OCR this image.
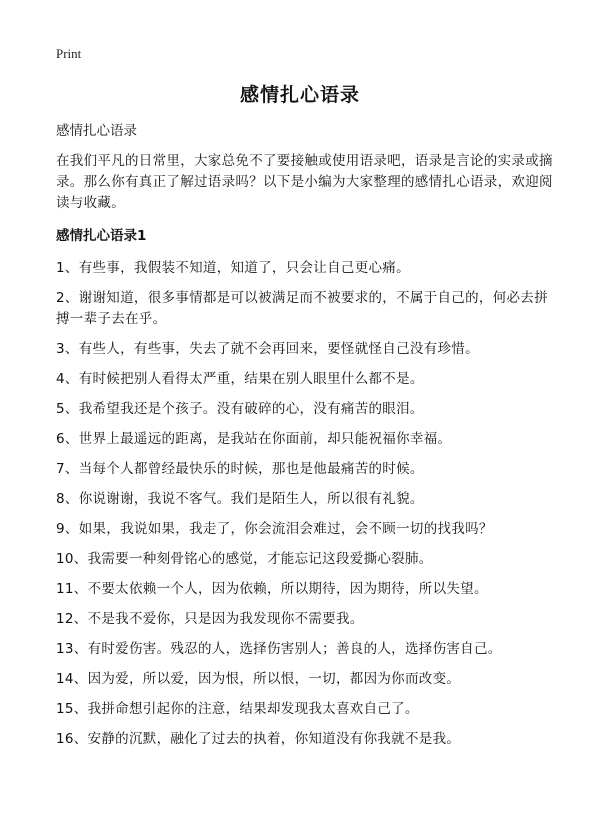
Print
感情扎心语录

感情扎心语录

在我们平凡的日常里，大家总免不了要接触或使用语录吧，语录是言论的实录或摘录。那么你有真正了解过语录吗？以下是小编为大家整理的感情扎心语录，欢迎阅读与收藏。

感情扎心语录1

1、有些事，我假装不知道，知道了，只会让自己更心痛。

2、谢谢知道，很多事情都是可以被满足而不被要求的，不属于自己的，何必去拼搏一辈子去在乎。

3、有些人，有些事，失去了就不会再回来，要怪就怪自己没有珍惜。

4、有时候把别人看得太严重，结果在别人眼里什么都不是。

5、我希望我还是个孩子。没有破碎的心，没有痛苦的眼泪。

6、世界上最遥远的距离，是我站在你面前，却只能祝福你幸福。

7、当每个人都曾经最快乐的时候，那也是他最痛苦的时候。

8、你说谢谢，我说不客气。我们是陌生人，所以很有礼貌。

9、如果，我说如果，我走了，你会流泪会难过，会不顾一切的找我吗？

10、我需要一种刻骨铭心的感觉，才能忘记这段爱撕心裂肺。

11、不要太依赖一个人，因为依赖，所以期待，因为期待，所以失望。

12、不是我不爱你，只是因为我发现你不需要我。

13、有时爱伤害。残忍的人，选择伤害别人；善良的人，选择伤害自己。

14、因为爱，所以爱，因为恨，所以恨，一切，都因为你而改变。

15、我拼命想引起你的注意，结果却发现我太喜欢自己了。

16、安静的沉默，融化了过去的执着，你知道没有你我就不是我。
